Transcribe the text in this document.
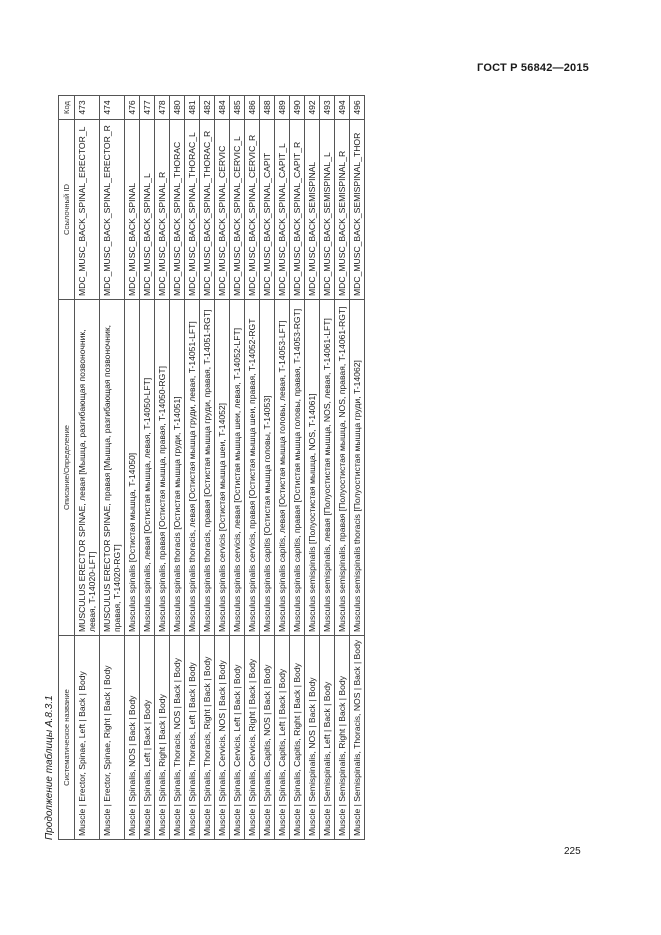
ГОСТ Р 56842—2015
Продолжение таблицы А.8.3.1 Систематическое название	Описание/Определение	Ссылочный ID	Код
Muscle | Erector, Spinae, Left | Back | Body	MUSCULUS ERECTOR SPINAE, левая [Мышца, разгибающая позвоночник, левая, T-14020-LFT]	MDC_MUSC_BACK_SPINAL_ERECTOR_L	473
Muscle | Erector, Spinae, Right | Back | Body	MUSCULUS ERECTOR SPINAE, правая [Мышца, разгибающая позвоночник, правая, T-14020-RGT]	MDC_MUSC_BACK_SPINAL_ERECTOR_R	474
Muscle | Spinalis, NOS | Back | Body	Musculus spinalis [Остистая мышца, T-14050]	MDC_MUSC_BACK_SPINAL	476
Muscle | Spinalis, Left | Back | Body	Musculus spinalis, левая [Остистая мышца, левая, T-14050-LFT]	MDC_MUSC_BACK_SPINAL_L	477
Muscle | Spinalis, Right | Back | Body	Musculus spinalis, правая [Остистая мышца, правая, T-14050-RGT]	MDC_MUSC_BACK_SPINAL_R	478
Muscle | Spinalis, Thoracis, NOS | Back | Body	Musculus spinalis thoracis [Остистая мышца груди, T-14051]	MDC_MUSC_BACK_SPINAL_THORAC	480
Muscle | Spinalis, Thoracis, Left | Back | Body	Musculus spinalis thoracis, левая [Остистая мышца груди, левая, T-14051-LFT]	MDC_MUSC_BACK_SPINAL_THORAC_L	481
Muscle | Spinalis, Thoracis, Right | Back | Body	Musculus spinalis thoracis, правая [Остистая мышца груди, правая, T-14051-RGT]	MDC_MUSC_BACK_SPINAL_THORAC_R	482
Muscle | Spinalis, Cervicis, NOS | Back | Body	Musculus spinalis cervicis [Остистая мышца шеи, T-14052]	MDC_MUSC_BACK_SPINAL_CERVIC	484
Muscle | Spinalis, Cervicis, Left | Back | Body	Musculus spinalis cervicis, левая [Остистая мышца шеи, левая, T-14052-LFT]	MDC_MUSC_BACK_SPINAL_CERVIC_L	485
Muscle | Spinalis, Cervicis, Right | Back | Body	Musculus spinalis cervicis, правая [Остистая мышца шеи, правая, T-14052-RGT	MDC_MUSC_BACK_SPINAL_CERVIC_R	486
Muscle | Spinalis, Capitis, NOS | Back | Body	Musculus spinalis capitis [Остистая мышца головы, T-14053]	MDC_MUSC_BACK_SPINAL_CAPIT	488
Muscle | Spinalis, Capitis, Left | Back | Body	Musculus spinalis capitis, левая [Остистая мышца головы, левая, T-14053-LFT]	MDC_MUSC_BACK_SPINAL_CAPIT_L	489
Muscle | Spinalis, Capitis, Right | Back | Body	Musculus spinalis capitis, правая [Остистая мышца головы, правая, T-14053-RGT]	MDC_MUSC_BACK_SPINAL_CAPIT_R	490
Muscle | Semispinalis, NOS | Back | Body	Musculus semispinalis [Полуостистая мышца, NOS, T-14061]	MDC_MUSC_BACK_SEMISPINAL	492
Muscle | Semispinalis, Left | Back | Body	Musculus semispinalis, левая [Полуостистая мышца, NOS, левая, T-14061-LFT]	MDC_MUSC_BACK_SEMISPINAL_L	493
Muscle | Semispinalis, Right | Back | Body	Musculus semispinalis, правая [Полуостистая мышца, NOS, правая, T-14061-RGT]	MDC_MUSC_BACK_SEMISPINAL_R	494
Muscle | Semispinalis, Thoracis, NOS | Back | Body	Musculus semispinalis thoracis [Полуостистая мышца груди, T-14062]	MDC_MUSC_BACK_SEMISPINAL_THOR	496
225
